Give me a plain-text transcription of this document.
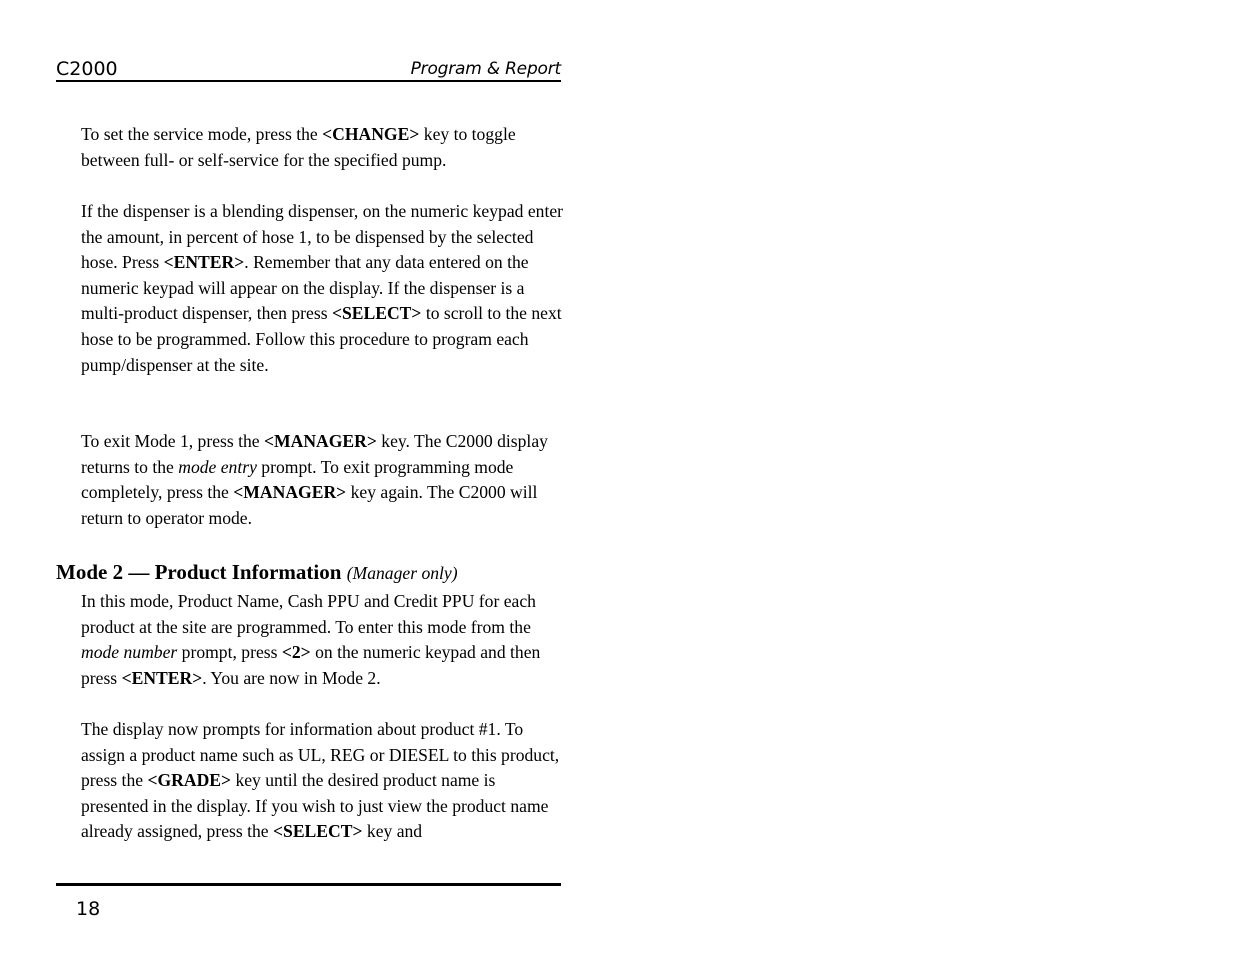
C2000	Program & Report

To set the service mode, press the <CHANGE> key to toggle between full- or self-service for the specified pump.

If the dispenser is a blending dispenser, on the numeric keypad enter the amount, in percent of hose 1, to be dispensed by the selected hose. Press <ENTER>. Remember that any data entered on the numeric keypad will appear on the display. If the dispenser is a multi-product dispenser, then press <SELECT> to scroll to the next hose to be programmed. Follow this procedure to program each pump/dispenser at the site.

To exit Mode 1, press the <MANAGER> key. The C2000 display returns to the mode entry prompt. To exit programming mode completely, press the <MANAGER> key again. The C2000 will return to operator mode.

Mode 2 — Product Information (Manager only)

In this mode, Product Name, Cash PPU and Credit PPU for each product at the site are programmed. To enter this mode from the mode number prompt, press <2> on the numeric keypad and then press <ENTER>. You are now in Mode 2.

The display now prompts for information about product #1. To assign a product name such as UL, REG or DIESEL to this product, press the <GRADE> key until the desired product name is presented in the display. If you wish to just view the product name already assigned, press the <SELECT> key and

18
